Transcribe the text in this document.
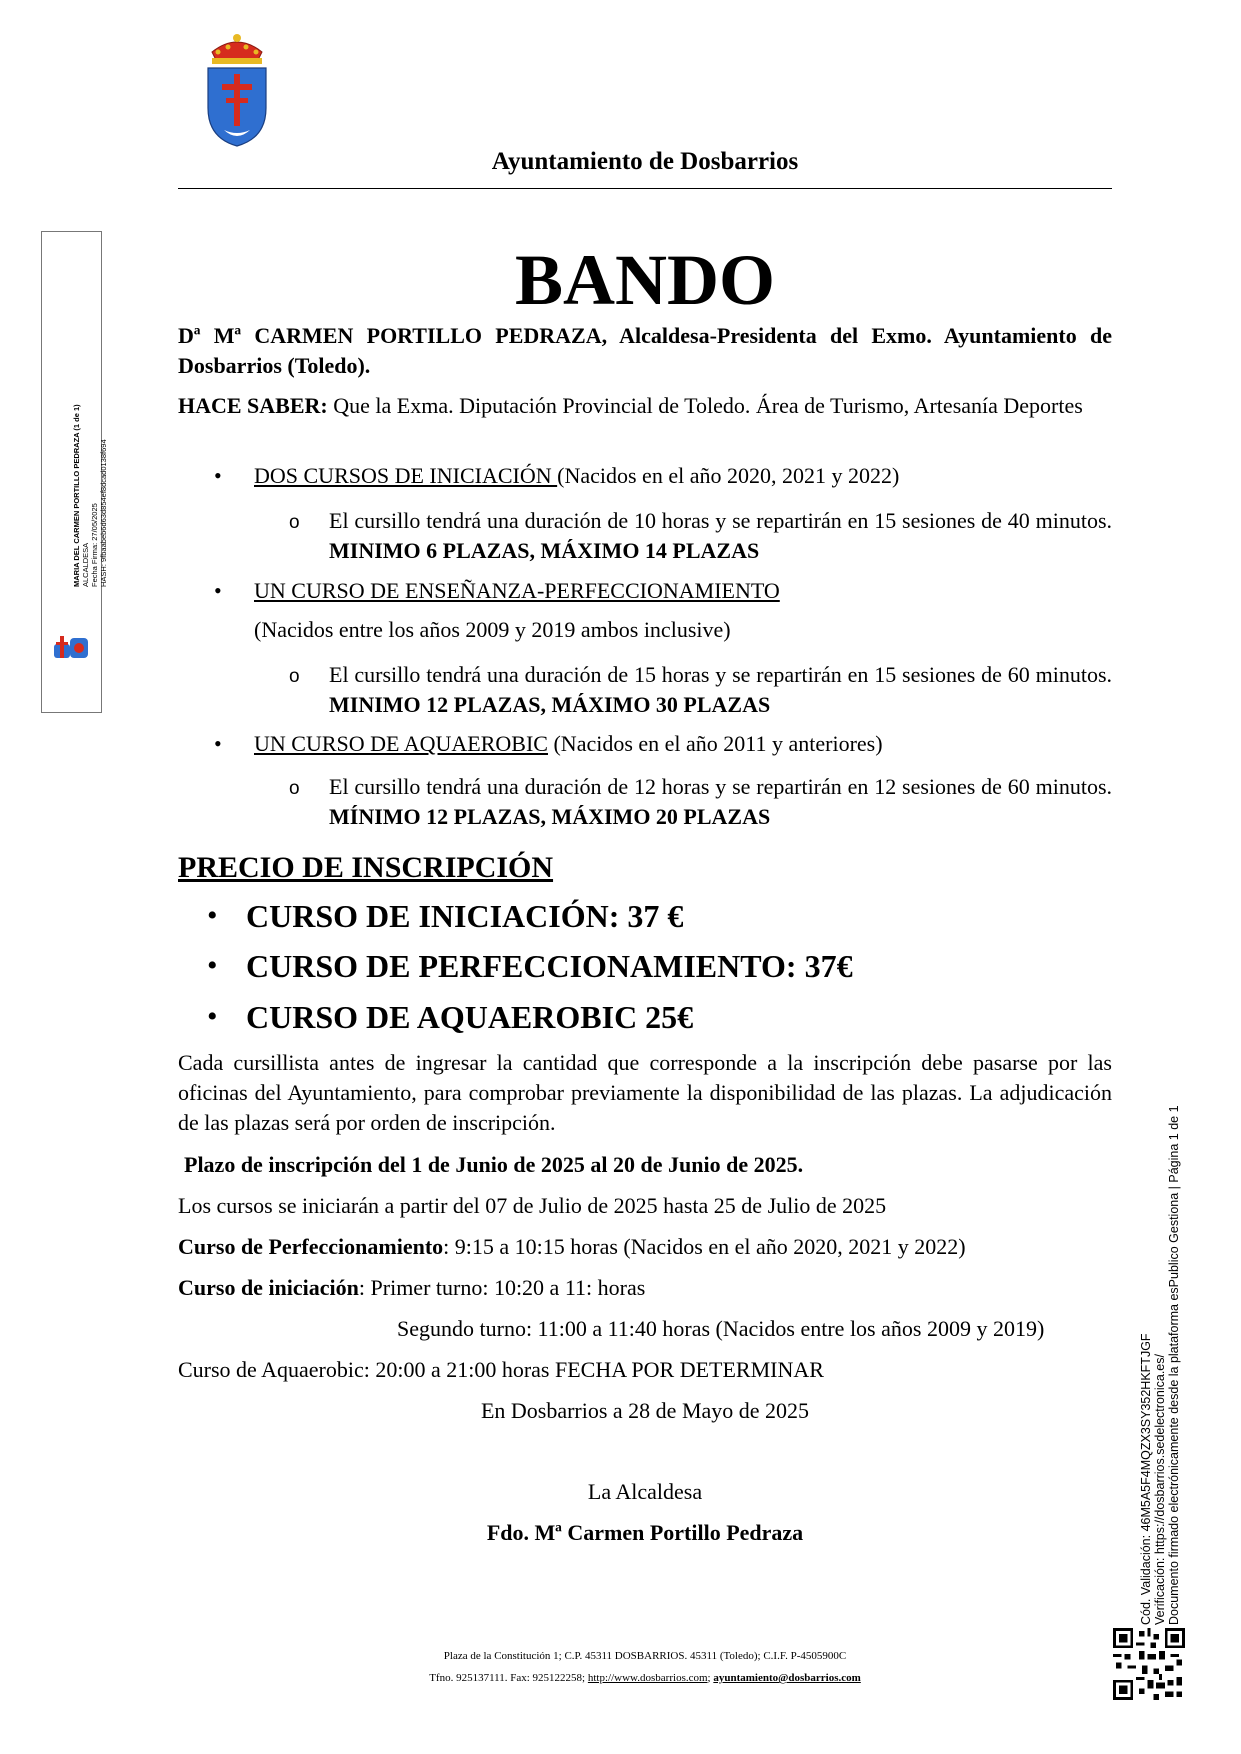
Ayuntamiento de Dosbarrios
MARIA DEL CARMEN PORTILLO PEDRAZA (1 de 1) ALCALDESA Fecha Firma: 27/05/2025 HASH: 9fbaabeb6d63d854ef8dcad0138f694
BANDO
Dª Mª CARMEN PORTILLO PEDRAZA, Alcaldesa-Presidenta del Exmo. Ayuntamiento de Dosbarrios (Toledo).
HACE SABER: Que la Exma. Diputación Provincial de Toledo. Área de Turismo, Artesanía Deportes
• DOS CURSOS DE INICIACIÓN (Nacidos en el año 2020, 2021 y 2022)
o El cursillo tendrá una duración de 10 horas y se repartirán en 15 sesiones de 40 minutos. MINIMO 6 PLAZAS, MÁXIMO 14 PLAZAS
• UN CURSO DE ENSEÑANZA-PERFECCIONAMIENTO
(Nacidos entre los años 2009 y 2019 ambos inclusive)
o El cursillo tendrá una duración de 15 horas y se repartirán en 15 sesiones de 60 minutos. MINIMO 12 PLAZAS, MÁXIMO 30 PLAZAS
• UN CURSO DE AQUAEROBIC (Nacidos en el año 2011 y anteriores)
o El cursillo tendrá una duración de 12 horas y se repartirán en 12 sesiones de 60 minutos. MÍNIMO 12 PLAZAS, MÁXIMO 20 PLAZAS
PRECIO DE INSCRIPCIÓN
• CURSO DE INICIACIÓN: 37 €
• CURSO DE PERFECCIONAMIENTO: 37€
• CURSO DE AQUAEROBIC 25€
Cada cursillista antes de ingresar la cantidad que corresponde a la inscripción debe pasarse por las oficinas del Ayuntamiento, para comprobar previamente la disponibilidad de las plazas. La adjudicación de las plazas será por orden de inscripción.
Plazo de inscripción del 1 de Junio de 2025 al 20 de Junio de 2025.
Los cursos se iniciarán a partir del 07 de Julio de 2025 hasta 25 de Julio de 2025
Curso de Perfeccionamiento: 9:15 a 10:15 horas (Nacidos en el año 2020, 2021 y 2022)
Curso de iniciación: Primer turno: 10:20 a 11: horas
Segundo turno: 11:00 a 11:40 horas (Nacidos entre los años 2009 y 2019)
Curso de Aquaerobic: 20:00 a 21:00 horas FECHA POR DETERMINAR
En Dosbarrios a 28 de Mayo de 2025
La Alcaldesa
Fdo. Mª Carmen Portillo Pedraza
Plaza de la Constitución 1; C.P. 45311 DOSBARRIOS. 45311 (Toledo); C.I.F. P-4505900C
Tfno. 925137111. Fax: 925122258; http://www.dosbarrios.com; ayuntamiento@dosbarrios.com
Cód. Validación: 46M5A5F4MQZX3SY352HKFTJGF Verificación: https://dosbarrios.sedelectronica.es/ Documento firmado electrónicamente desde la plataforma esPublico Gestiona | Página 1 de 1
